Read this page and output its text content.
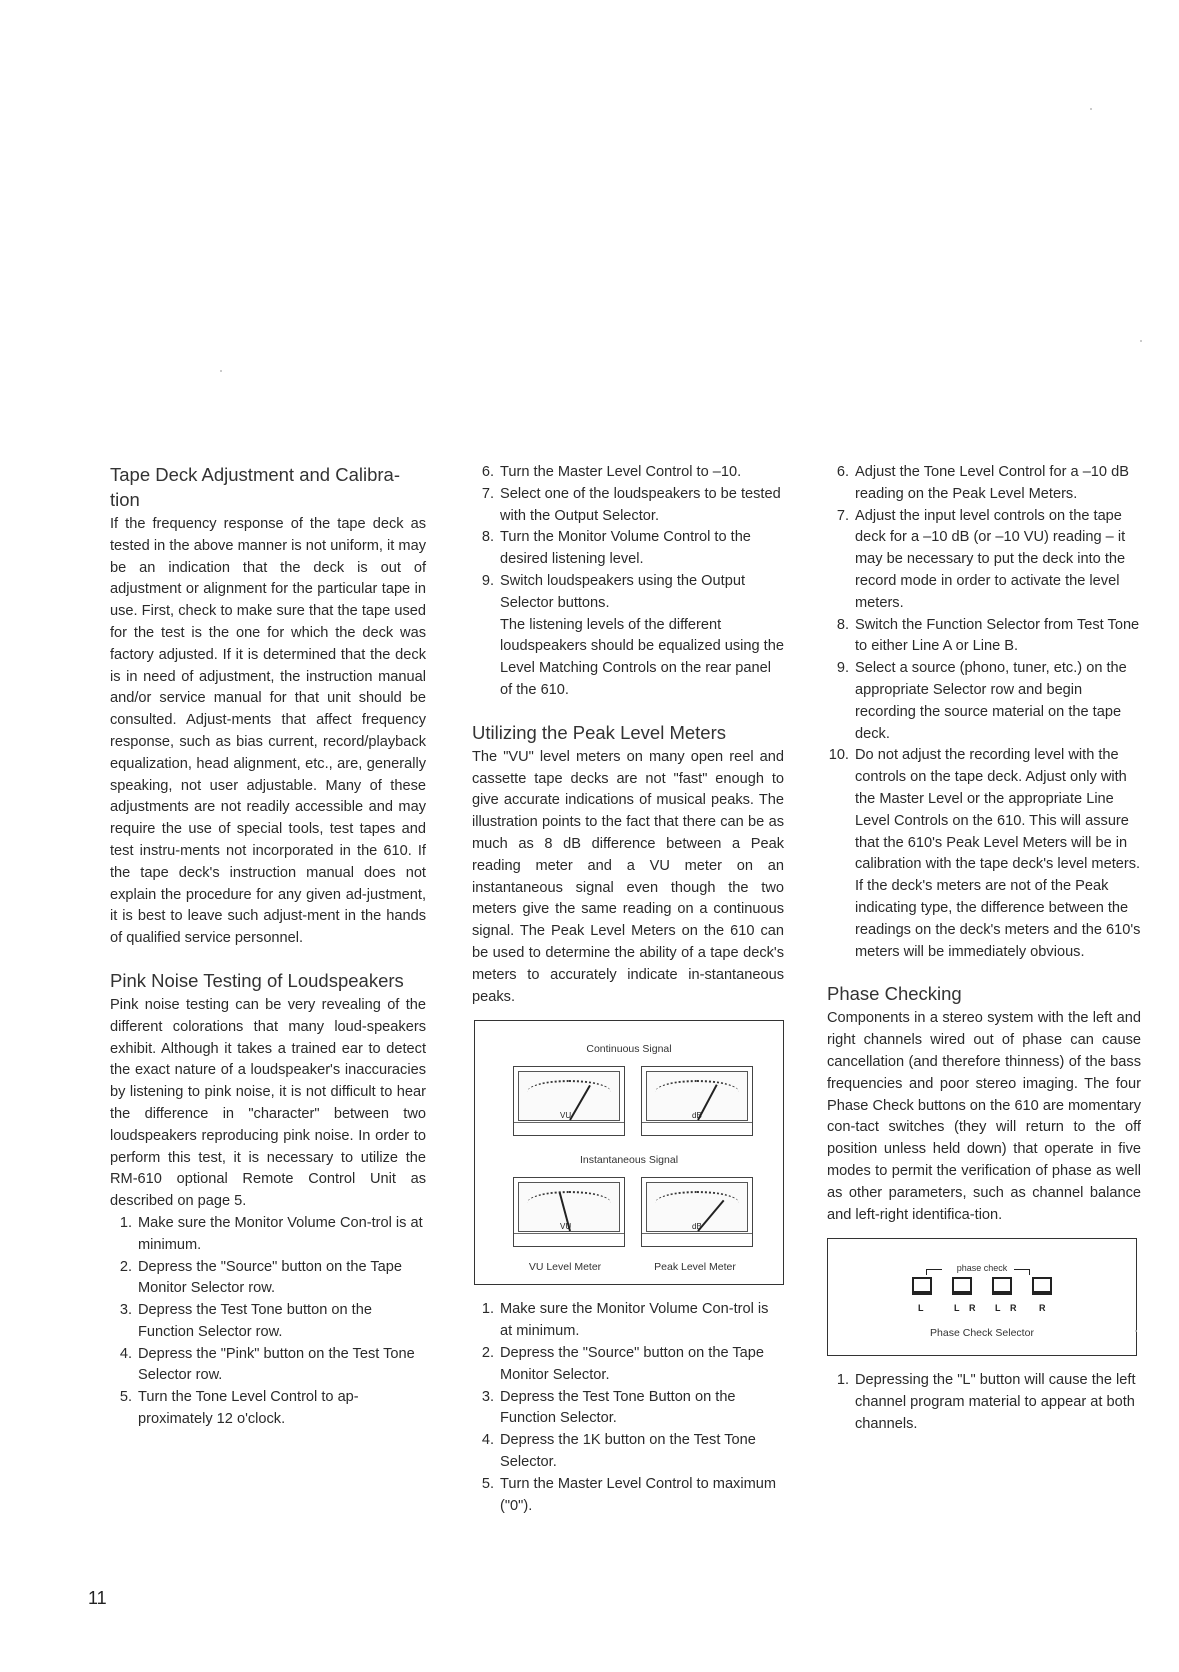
Tape Deck Adjustment and Calibra-tion

If the frequency response of the tape deck as tested in the above manner is not uniform, it may be an indication that the deck is out of adjustment or alignment for the particular tape in use. First, check to make sure that the tape used for the test is the one for which the deck was factory adjusted. If it is determined that the deck is in need of adjustment, the instruction manual and/or service manual for that unit should be consulted. Adjust-ments that affect frequency response, such as bias current, record/playback equalization, head alignment, etc., are, generally speaking, not user adjustable. Many of these adjustments are not readily accessible and may require the use of special tools, test tapes and test instru-ments not incorporated in the 610. If the tape deck's instruction manual does not explain the procedure for any given ad-justment, it is best to leave such adjust-ment in the hands of qualified service personnel.

Pink Noise Testing of Loudspeakers

Pink noise testing can be very revealing of the different colorations that many loud-speakers exhibit. Although it takes a trained ear to detect the exact nature of a loudspeaker's inaccuracies by listening to pink noise, it is not difficult to hear the difference in "character" between two loudspeakers reproducing pink noise. In order to perform this test, it is necessary to utilize the RM-610 optional Remote Control Unit as described on page 5.

1. Make sure the Monitor Volume Con-trol is at minimum.
2. Depress the "Source" button on the Tape Monitor Selector row.
3. Depress the Test Tone button on the Function Selector row.
4. Depress the "Pink" button on the Test Tone Selector row.
5. Turn the Tone Level Control to ap-proximately 12 o'clock.
6. Turn the Master Level Control to –10.
7. Select one of the loudspeakers to be tested with the Output Selector.
8. Turn the Monitor Volume Control to the desired listening level.
9. Switch loudspeakers using the Output Selector buttons.
The listening levels of the different loudspeakers should be equalized using the Level Matching Controls on the rear panel of the 610.
Utilizing the Peak Level Meters

The "VU" level meters on many open reel and cassette tape decks are not "fast" enough to give accurate indications of musical peaks. The illustration points to the fact that there can be as much as 8 dB difference between a Peak reading meter and a VU meter on an instantaneous signal even though the two meters give the same reading on a continuous signal. The Peak Level Meters on the 610 can be used to determine the ability of a tape deck's meters to accurately indicate in-stantaneous peaks.

Continuous Signal
VU	dB
Instantaneous Signal
VU	dB
VU Level Meter	Peak Level Meter
1. Make sure the Monitor Volume Con-trol is at minimum.
2. Depress the "Source" button on the Tape Monitor Selector.
3. Depress the Test Tone Button on the Function Selector.
4. Depress the 1K button on the Test Tone Selector.
5. Turn the Master Level Control to maximum ("0").
6. Adjust the Tone Level Control for a –10 dB reading on the Peak Level Meters.
7. Adjust the input level controls on the tape deck for a –10 dB (or –10 VU) reading – it may be necessary to put the deck into the record mode in order to activate the level meters.
8. Switch the Function Selector from Test Tone to either Line A or Line B.
9. Select a source (phono, tuner, etc.) on the appropriate Selector row and begin recording the source material on the tape deck.
10. Do not adjust the recording level with the controls on the tape deck. Adjust only with the Master Level or the appropriate Line Level Controls on the 610. This will assure that the 610's Peak Level Meters will be in calibration with the tape deck's level meters. If the deck's meters are not of the Peak indicating type, the difference between the readings on the deck's meters and the 610's meters will be immediately obvious.
Phase Checking

Components in a stereo system with the left and right channels wired out of phase can cause cancellation (and therefore thinness) of the bass frequencies and poor stereo imaging. The four Phase Check buttons on the 610 are momentary con-tact switches (they will return to the off position unless held down) that operate in five modes to permit the verification of phase as well as other parameters, such as channel balance and left-right identifica-tion.

phase check
L	L R L R	R
Phase Check Selector
1. Depressing the "L" button will cause the left channel program material to appear at both channels.
11
